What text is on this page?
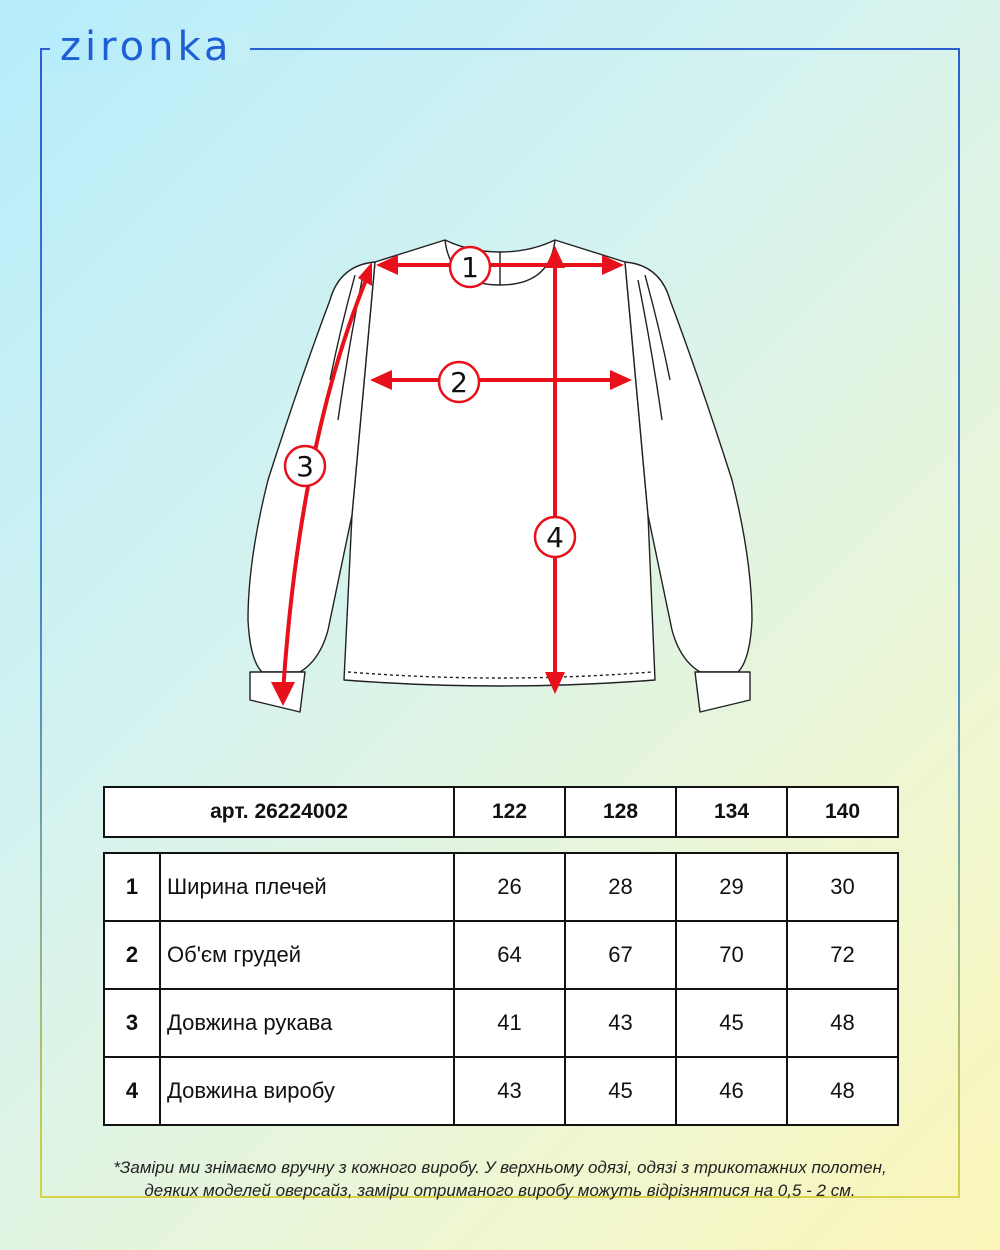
zironka
1
2
3
4
арт. 26224002	122	128	134	140
1	Ширина плечей	26	28	29	30
2	Об'єм грудей	64	67	70	72
3	Довжина рукава	41	43	45	48
4	Довжина виробу	43	45	46	48
*Заміри ми знімаємо вручну з кожного виробу. У верхньому одязі, одязі з трикотажних полотен,
деяких моделей оверсайз, заміри отриманого виробу можуть відрізнятися на 0,5 - 2 см.
